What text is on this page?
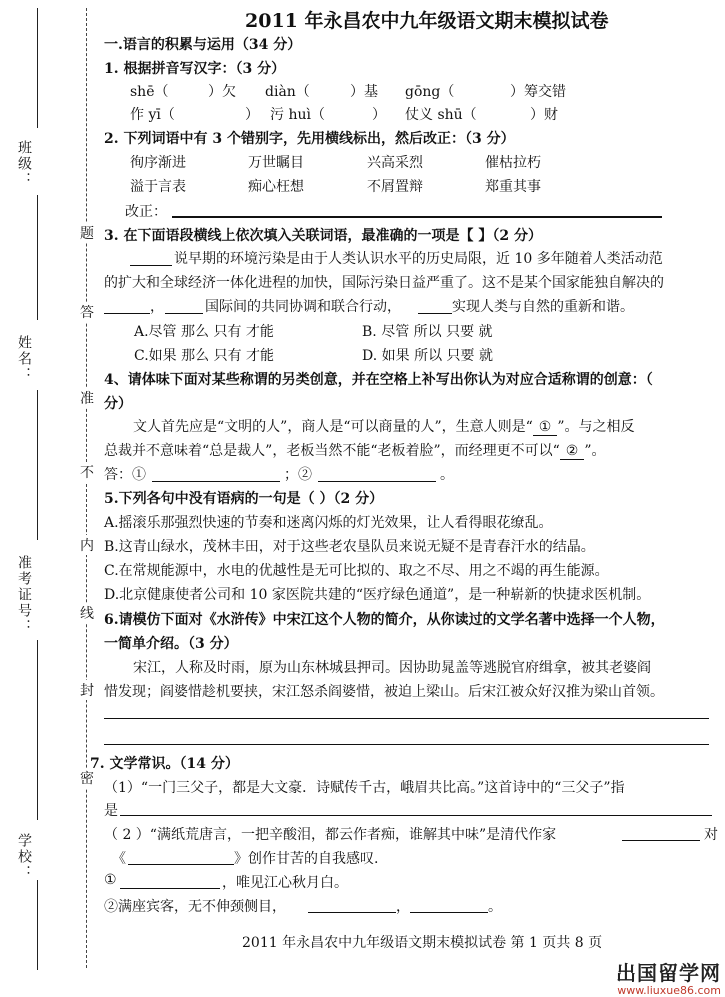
班级：
姓名：
准考证号：
学校：
密
封
线
内
不
准
答
题
2011 年永昌农中九年级语文期末模拟试卷
一.语言的积累与运用（34 分）
1. 根据拼音写汉字：（3 分）
shē（	）欠 diàn（	）基 gōng（	）筹交错
作 yī（	） 污 huì（	） 仗义 shū（	）财
2. 下列词语中有 3 个错别字，先用横线标出，然后改正：（3 分）
徇序渐进	万世瞩目	兴高采烈	催枯拉朽
溢于言表	痴心枉想	不屑置辩	郑重其事
改正：
3. 在下面语段横线上依次填入关联词语，最准确的一项是【 】（2 分）
说早期的环境污染是由于人类认识水平的历史局限，近 10 多年随着人类活动范
的扩大和全球经济一体化进程的加快，国际污染日益严重了。这不是某个国家能独自解决的
，	国际间的共同协调和联合行动，	实现人类与自然的重新和谐。
A.尽管 那么 只有 才能	B. 尽管 所以 只要 就
C.如果 那么 只有 才能	D. 如果 所以 只要 就
4、请体味下面对某些称谓的另类创意，并在空格上补写出你认为对应合适称谓的创意：（
分）
文人首先应是“文明的人”，商人是“可以商量的人”，生意人则是“ ① ”。与之相反
总裁并不意味着“总是裁人”，老板当然不能“老板着脸”，而经理更不可以“ ② ”。
答：①	；②	。
5.下列各句中没有语病的一句是（ ）（2 分）
A.摇滚乐那强烈快速的节奏和迷离闪烁的灯光效果，让人看得眼花缭乱。
B.这青山绿水，茂林丰田，对于这些老农垦队员来说无疑不是青春汗水的结晶。
C.在常规能源中，水电的优越性是无可比拟的、取之不尽、用之不竭的再生能源。
D.北京健康使者公司和 10 家医院共建的“医疗绿色通道”，是一种崭新的快捷求医机制。
6.请模仿下面对《水浒传》中宋江这个人物的简介，从你读过的文学名著中选择一个人物，
一简单介绍。（3 分）
宋江，人称及时雨，原为山东林城县押司。因协助晁盖等逃脱官府缉拿，被其老婆阎
惜发现；阎婆惜趁机要挟，宋江怒杀阎婆惜，被迫上梁山。后宋江被众好汉推为梁山首领。
7. 文学常识。（14 分）
（1）“一门三父子，都是大文豪．诗赋传千古，峨眉共比高。”这首诗中的“三父子”指
是
（ 2 ）“满纸荒唐言，一把辛酸泪，都云作者痴，谁解其中味”是清代作家	对
《	》创作甘苦的自我感叹.
①	，唯见江心秋月白。
②满座宾客，无不伸颈侧目，	，	。
2011 年永昌农中九年级语文期末模拟试卷 第 1 页共 8 页
出国留学网
www.liuxue86.com
